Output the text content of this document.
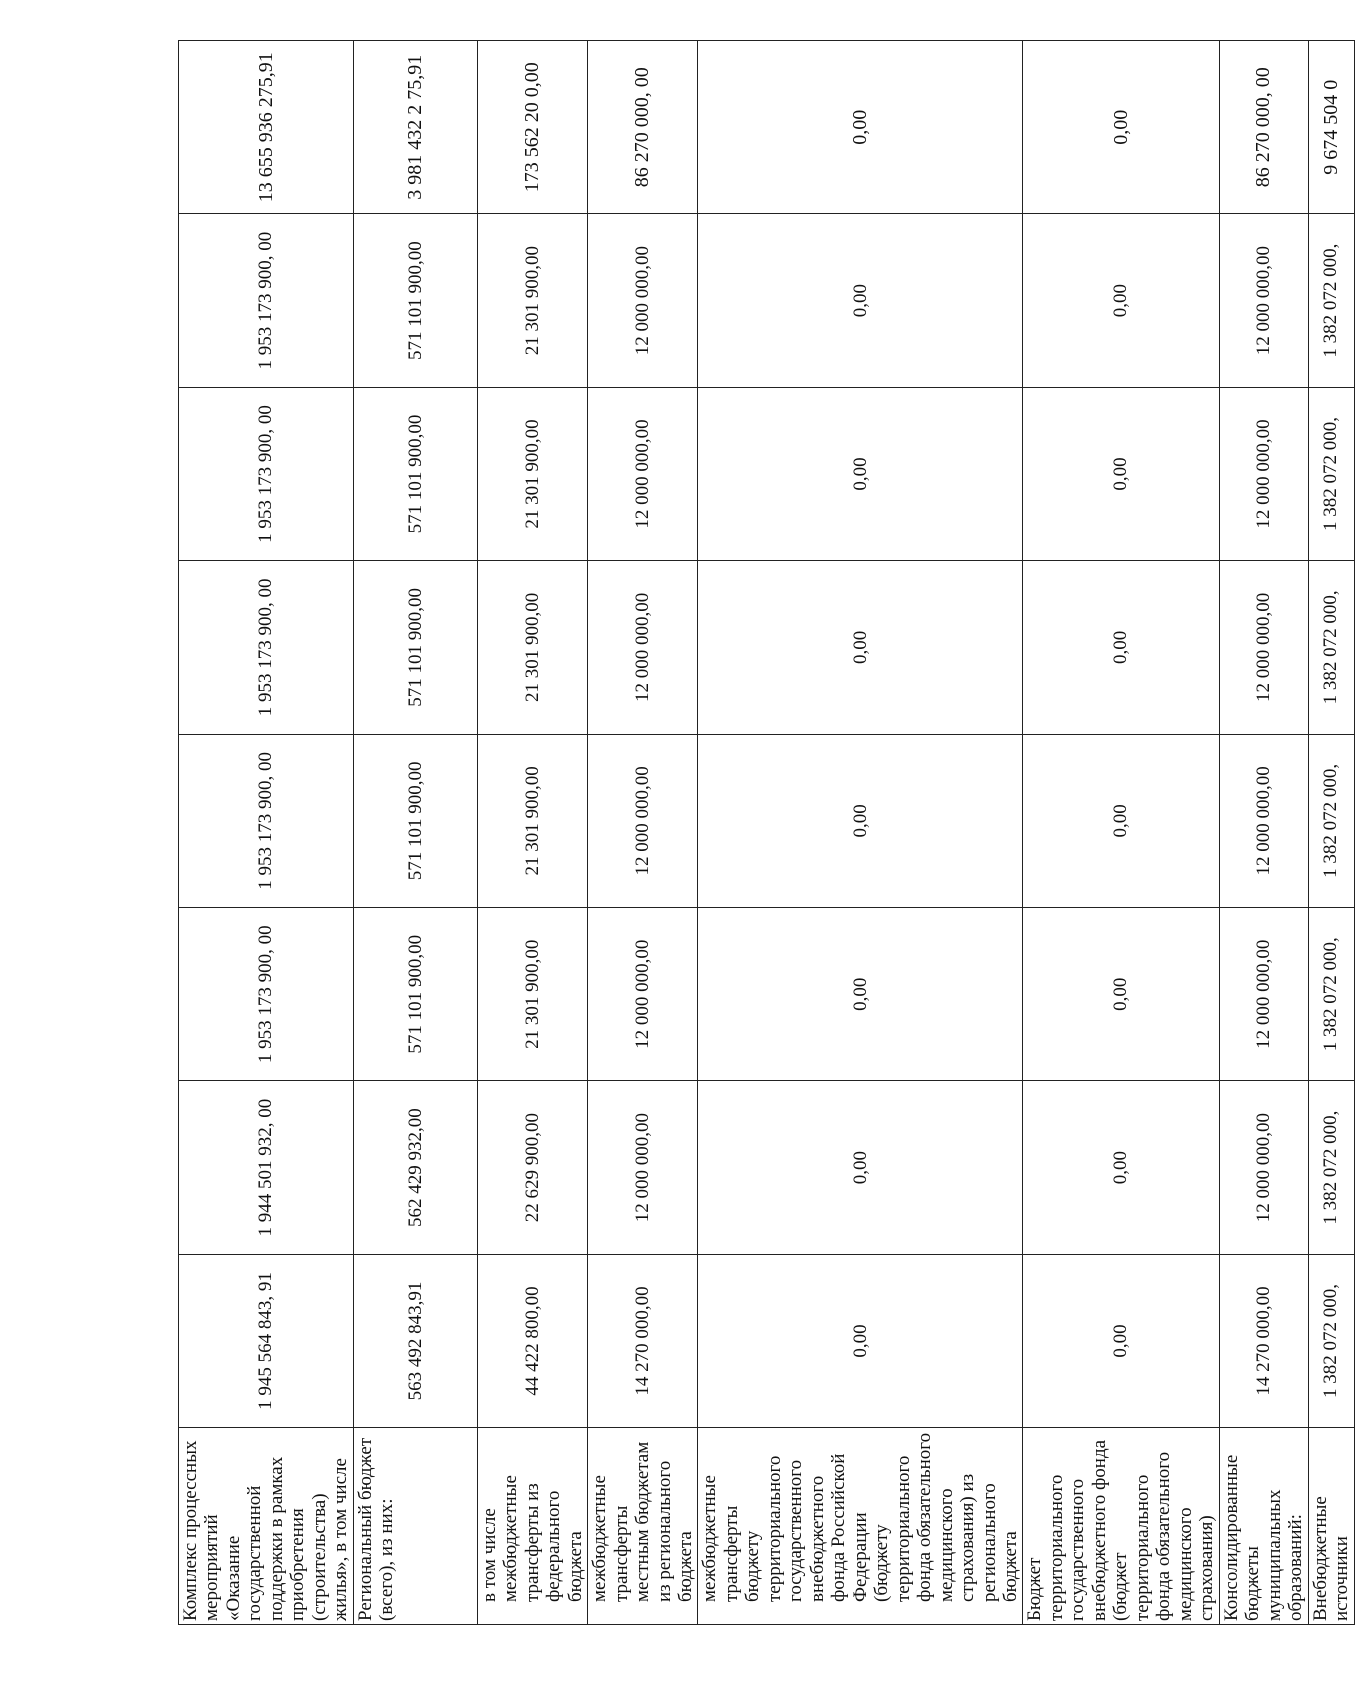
Комплекс процессных мероприятий «Оказание государственной поддержки в рамках приобретения (строительства) жилья», в том числе	1 945 564 843, 91	1 944 501 932, 00	1 953 173 900, 00	1 953 173 900, 00	1 953 173 900, 00	1 953 173 900, 00	1 953 173 900, 00	13 655 936 275,91
Региональный бюджет (всего), из них:	563 492 843,91	562 429 932,00	571 101 900,00	571 101 900,00	571 101 900,00	571 101 900,00	571 101 900,00	3 981 432 2 75,91
в том числе межбюджетные трансферты из федерального бюджета	44 422 800,00	22 629 900,00	21 301 900,00	21 301 900,00	21 301 900,00	21 301 900,00	21 301 900,00	173 562 20 0,00
межбюджетные трансферты местным бюджетам из регионального бюджета	14 270 000,00	12 000 000,00	12 000 000,00	12 000 000,00	12 000 000,00	12 000 000,00	12 000 000,00	86 270 000, 00
межбюджетные трансферты бюджету территориального государственного внебюджетного фонда Российской Федерации (бюджету территориального фонда обязательного медицинского страхования) из регионального бюджета	0,00	0,00	0,00	0,00	0,00	0,00	0,00	0,00
Бюджет территориального государственного внебюджетного фонда (бюджет территориального фонда обязательного медицинского страхования)	0,00	0,00	0,00	0,00	0,00	0,00	0,00	0,00
Консолидированные бюджеты муниципальных образований:	14 270 000,00	12 000 000,00	12 000 000,00	12 000 000,00	12 000 000,00	12 000 000,00	12 000 000,00	86 270 000, 00
Внебюджетные источники	1 382 072 000,	1 382 072 000,	1 382 072 000,	1 382 072 000,	1 382 072 000,	1 382 072 000,	1 382 072 000,	9 674 504 0
